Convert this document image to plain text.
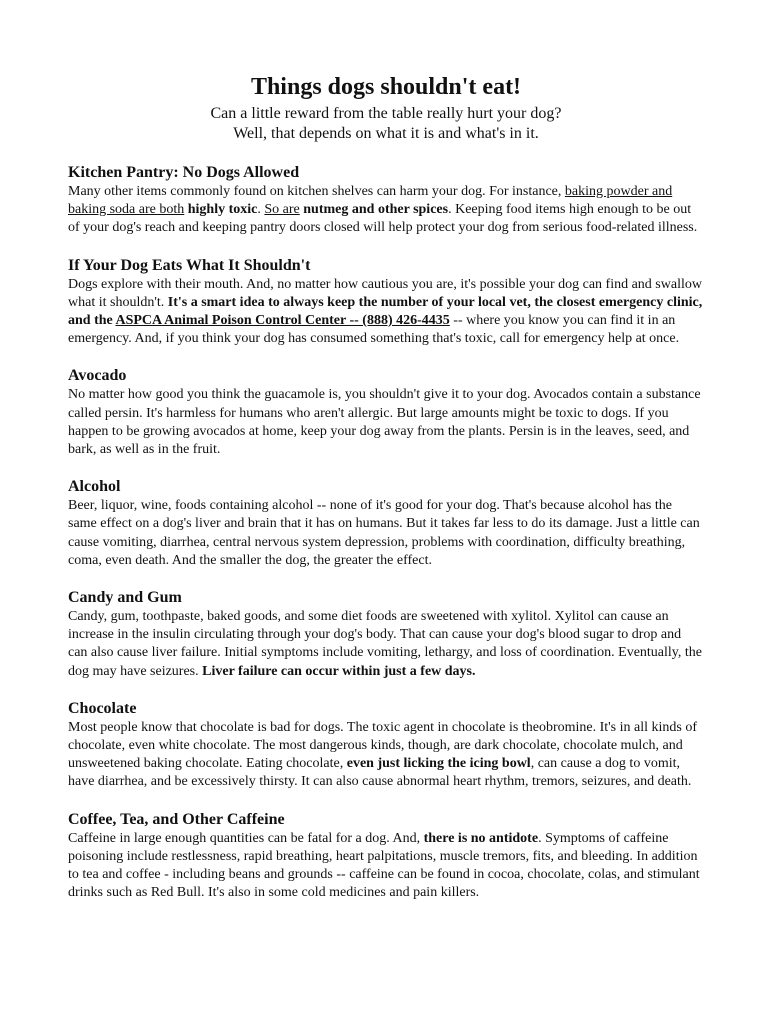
Things dogs shouldn't eat!

Can a little reward from the table really hurt your dog?

Well, that depends on what it is and what's in it.

Kitchen Pantry: No Dogs Allowed

Many other items commonly found on kitchen shelves can harm your dog. For instance, baking powder and baking soda are both highly toxic. So are nutmeg and other spices. Keeping food items high enough to be out of your dog's reach and keeping pantry doors closed will help protect your dog from serious food-related illness.

If Your Dog Eats What It Shouldn't

Dogs explore with their mouth. And, no matter how cautious you are, it's possible your dog can find and swallow what it shouldn't. It's a smart idea to always keep the number of your local vet, the closest emergency clinic, and the ASPCA Animal Poison Control Center -- (888) 426-4435 -- where you know you can find it in an emergency. And, if you think your dog has consumed something that's toxic, call for emergency help at once.

Avocado

No matter how good you think the guacamole is, you shouldn't give it to your dog. Avocados contain a substance called persin. It's harmless for humans who aren't allergic. But large amounts might be toxic to dogs. If you happen to be growing avocados at home, keep your dog away from the plants. Persin is in the leaves, seed, and bark, as well as in the fruit.

Alcohol

Beer, liquor, wine, foods containing alcohol -- none of it's good for your dog. That's because alcohol has the same effect on a dog's liver and brain that it has on humans. But it takes far less to do its damage. Just a little can cause vomiting, diarrhea, central nervous system depression, problems with coordination, difficulty breathing, coma, even death. And the smaller the dog, the greater the effect.

Candy and Gum

Candy, gum, toothpaste, baked goods, and some diet foods are sweetened with xylitol. Xylitol can cause an increase in the insulin circulating through your dog's body. That can cause your dog's blood sugar to drop and can also cause liver failure. Initial symptoms include vomiting, lethargy, and loss of coordination. Eventually, the dog may have seizures. Liver failure can occur within just a few days.

Chocolate

Most people know that chocolate is bad for dogs. The toxic agent in chocolate is theobromine. It's in all kinds of chocolate, even white chocolate. The most dangerous kinds, though, are dark chocolate, chocolate mulch, and unsweetened baking chocolate. Eating chocolate, even just licking the icing bowl, can cause a dog to vomit, have diarrhea, and be excessively thirsty. It can also cause abnormal heart rhythm, tremors, seizures, and death.

Coffee, Tea, and Other Caffeine

Caffeine in large enough quantities can be fatal for a dog. And, there is no antidote. Symptoms of caffeine poisoning include restlessness, rapid breathing, heart palpitations, muscle tremors, fits, and bleeding. In addition to tea and coffee - including beans and grounds -- caffeine can be found in cocoa, chocolate, colas, and stimulant drinks such as Red Bull. It's also in some cold medicines and pain killers.
